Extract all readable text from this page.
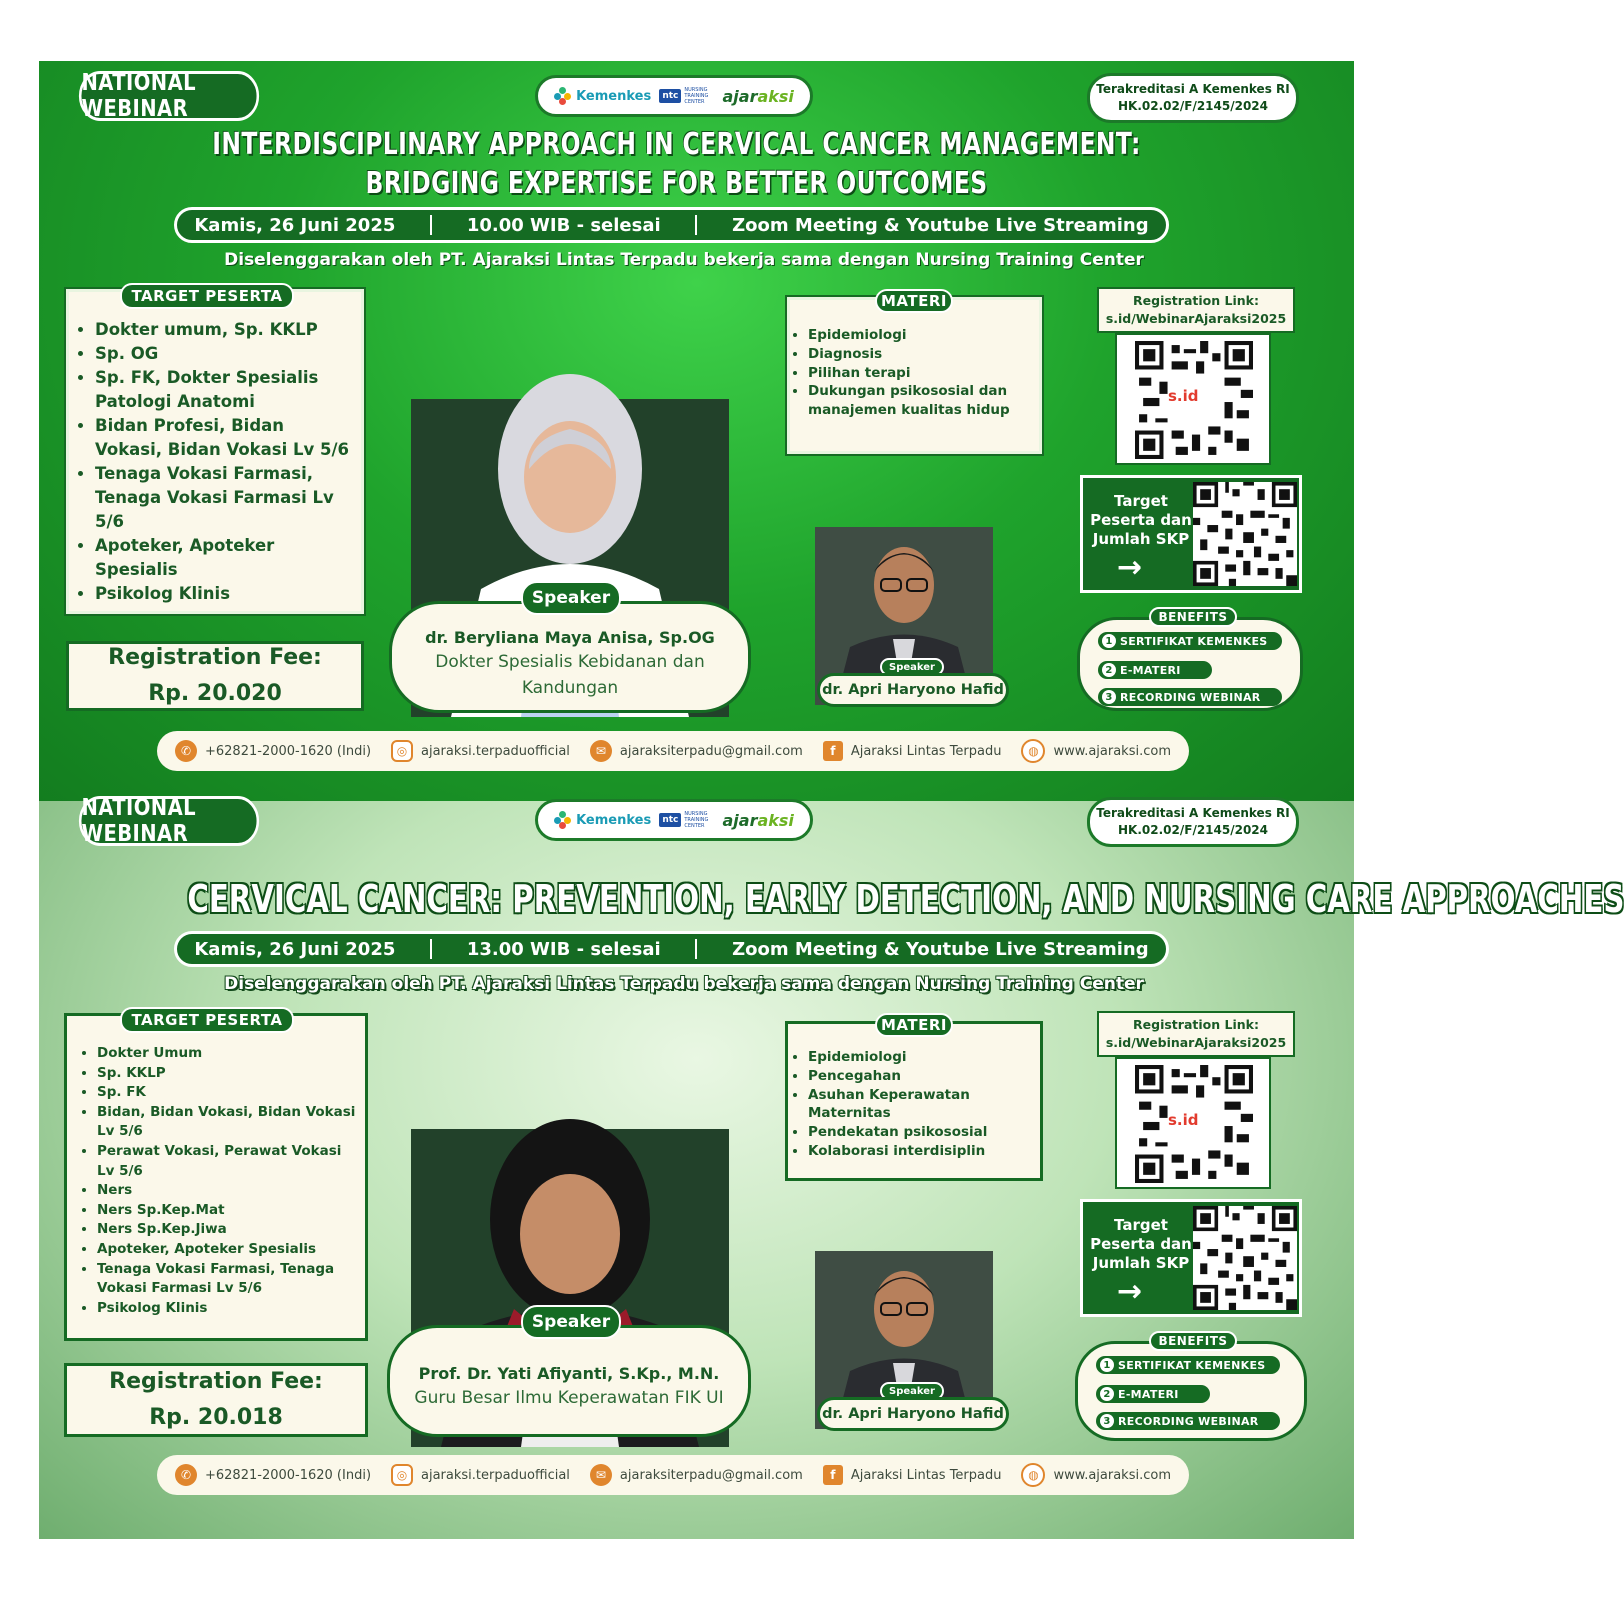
NATIONAL WEBINAR	Kemenkes	ntc
NURSING TRAINING CENTER	ajaraksi	Terakreditasi A Kemenkes RI
HK.02.02/F/2145/2024
INTERDISCIPLINARY APPROACH IN CERVICAL CANCER MANAGEMENT:
BRIDGING EXPERTISE FOR BETTER OUTCOMES
Kamis, 26 Juni 2025	10.00 WIB - selesai	Zoom Meeting & Youtube Live Streaming
Diselenggarakan oleh PT. Ajaraksi Lintas Terpadu bekerja sama dengan Nursing Training Center
• Dokter umum, Sp. KKLP
• Sp. OG
• Sp. FK, Dokter Spesialis Patologi Anatomi
• Bidan Profesi, Bidan Vokasi, Bidan Vokasi Lv 5/6
• Tenaga Vokasi Farmasi, Tenaga Vokasi Farmasi Lv 5/6
• Apoteker, Apoteker Spesialis
• Psikolog Klinis
TARGET PESERTA
Registration Fee:
Rp. 20.020
dr. Beryliana Maya Anisa, Sp.OG
Dokter Spesialis Kebidanan dan Kandungan
Speaker
• Epidemiologi
• Diagnosis
• Pilihan terapi
• Dukungan psikososial dan manajemen kualitas hidup
MATERI
Speaker
dr. Apri Haryono Hafid
Registration Link:
s.id/WebinarAjaraksi2025
s.id
Target Peserta dan Jumlah SKP
→
1 SERTIFIKAT KEMENKES
2 E-MATERI
3 RECORDING WEBINAR
BENEFITS
✆	+62821-2000-1620 (Indi)	◎	ajaraksi.terpaduofficial	✉	ajaraksiterpadu@gmail.com	f	Ajaraksi Lintas Terpadu	◍	www.ajaraksi.com
NATIONAL WEBINAR
Kemenkes	ntc
NURSING TRAINING CENTER	ajaraksi	Terakreditasi A Kemenkes RI
HK.02.02/F/2145/2024
CERVICAL CANCER: PREVENTION, EARLY DETECTION, AND NURSING CARE APPROACHES
Kamis, 26 Juni 2025	13.00 WIB - selesai	Zoom Meeting & Youtube Live Streaming
Diselenggarakan oleh PT. Ajaraksi Lintas Terpadu bekerja sama dengan Nursing Training Center
• Dokter Umum
• Sp. KKLP
• Sp. FK
• Bidan, Bidan Vokasi, Bidan Vokasi Lv 5/6
• Perawat Vokasi, Perawat Vokasi Lv 5/6
• Ners
• Ners Sp.Kep.Mat
• Ners Sp.Kep.Jiwa
• Apoteker, Apoteker Spesialis
• Tenaga Vokasi Farmasi, Tenaga Vokasi Farmasi Lv 5/6
• Psikolog Klinis
TARGET PESERTA
Registration Fee:
Rp. 20.018
Prof. Dr. Yati Afiyanti, S.Kp., M.N.
Guru Besar Ilmu Keperawatan FIK UI
Speaker
• Epidemiologi
• Pencegahan
• Asuhan Keperawatan Maternitas
• Pendekatan psikososial
• Kolaborasi interdisiplin
MATERI
Speaker
dr. Apri Haryono Hafid
Registration Link:
s.id/WebinarAjaraksi2025
s.id
Target Peserta dan Jumlah SKP
→
1 SERTIFIKAT KEMENKES
2 E-MATERI
3 RECORDING WEBINAR
BENEFITS
✆	+62821-2000-1620 (Indi)	◎	ajaraksi.terpaduofficial	✉	ajaraksiterpadu@gmail.com	f	Ajaraksi Lintas Terpadu	◍	www.ajaraksi.com
